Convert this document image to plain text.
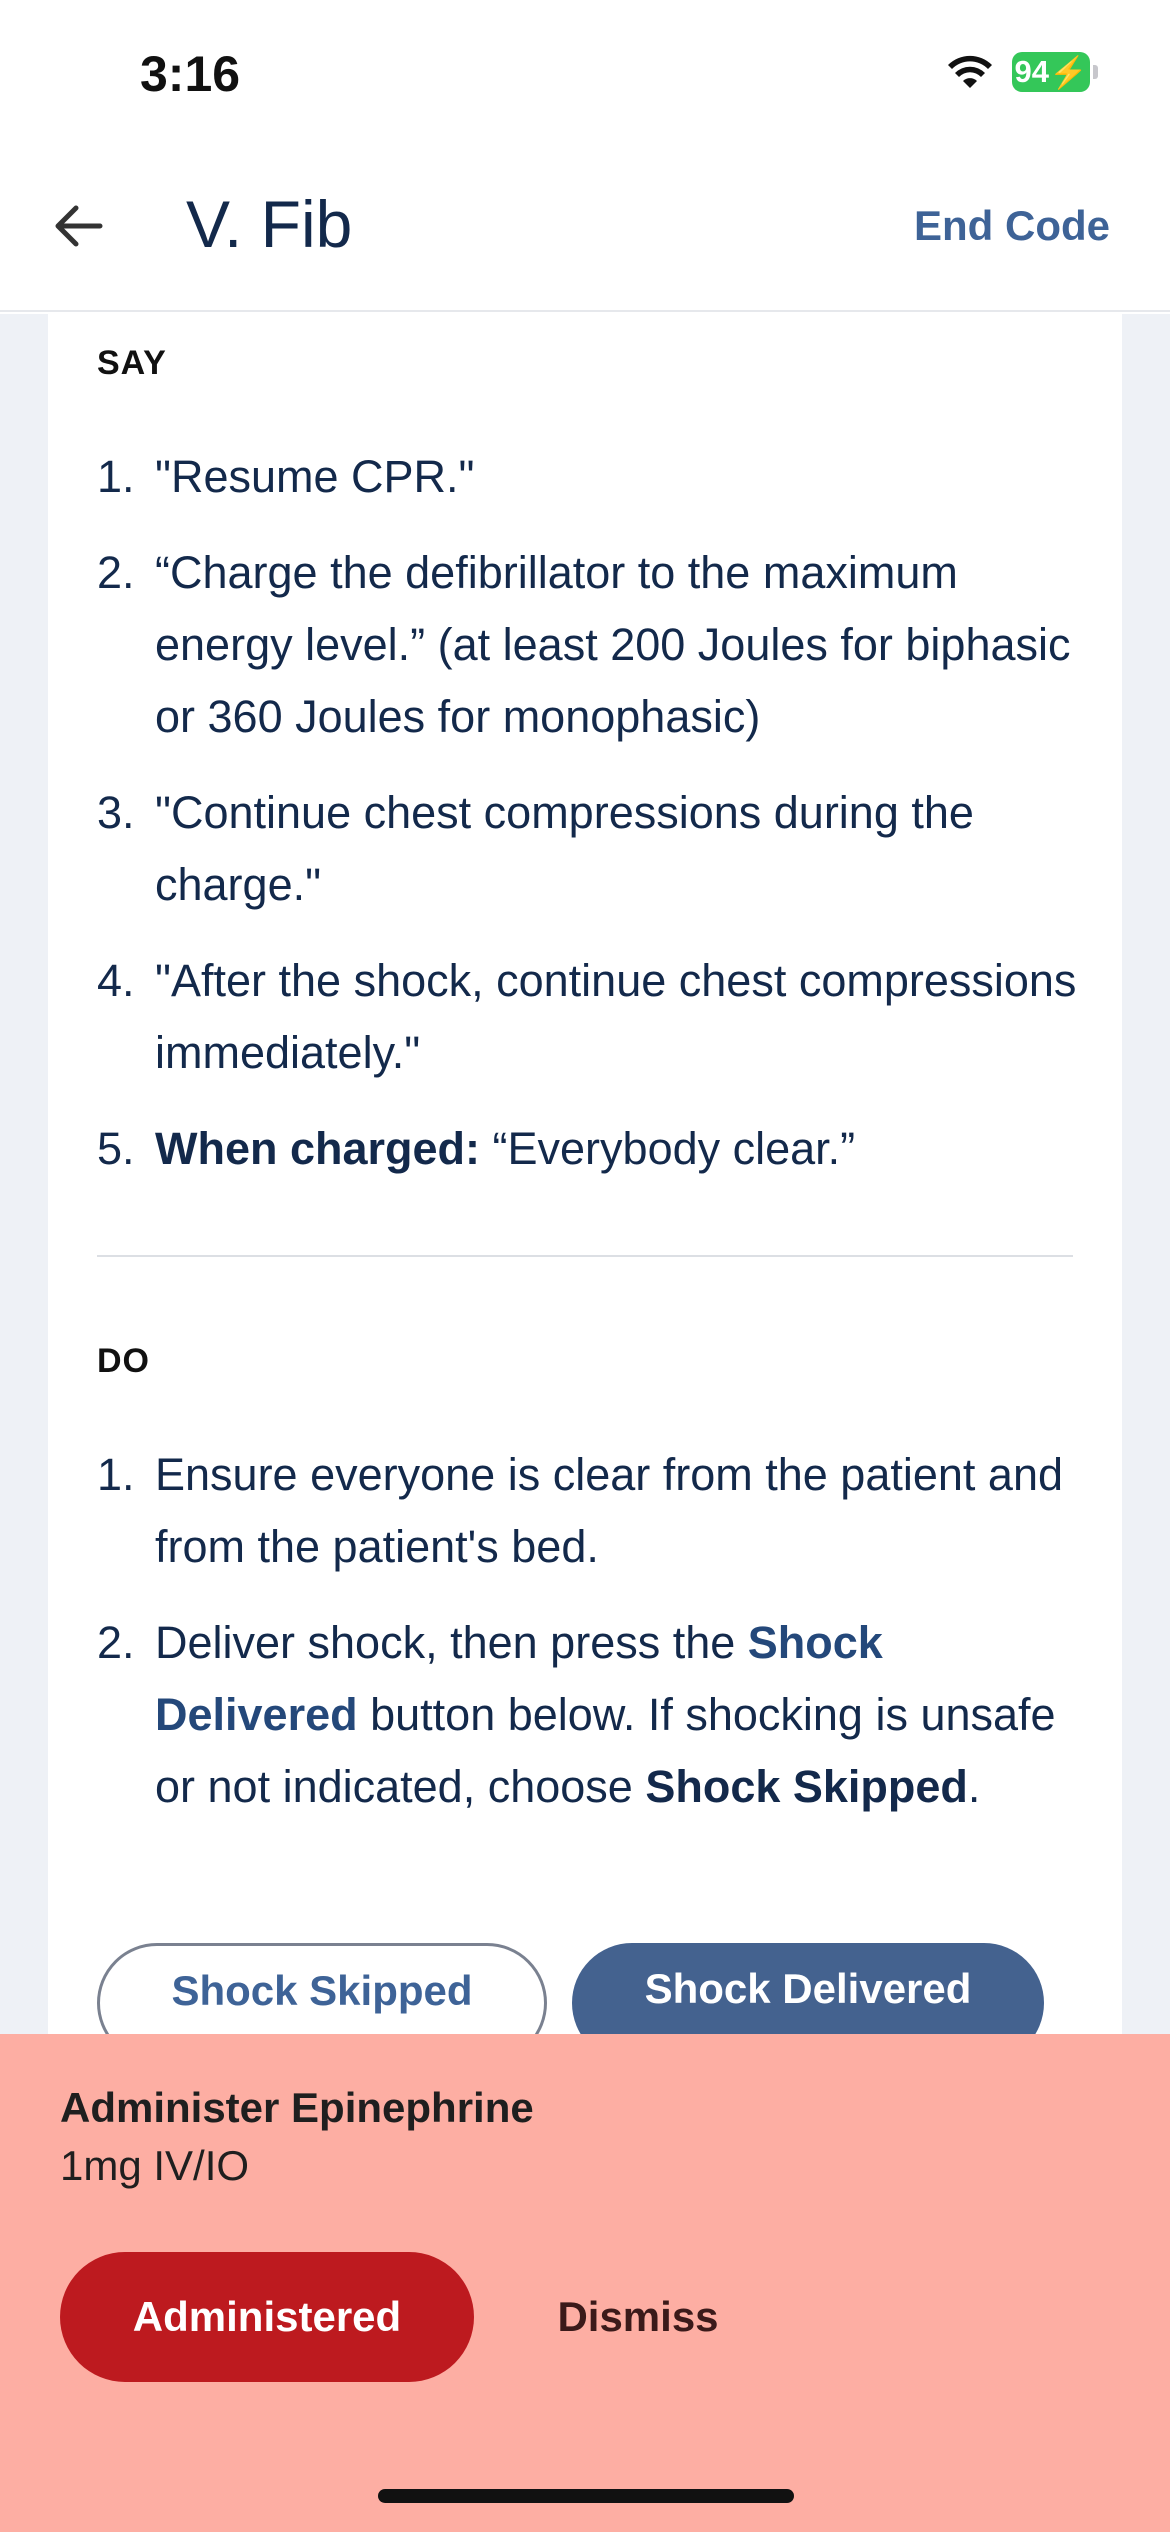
3:16	94 ⚡
V. Fib	End Code
SAY
1. "Resume CPR."
2. “Charge the defibrillator to the maximum energy level.” (at least 200 Joules for biphasic or 360 Joules for monophasic)
3. "Continue chest compressions during the charge."
4. "After the shock, continue chest compressions immediately."
5. When charged: “Everybody clear.”
DO
1. Ensure everyone is clear from the patient and from the patient's bed.
2. Deliver shock, then press the Shock Delivered button below. If shocking is unsafe or not indicated, choose Shock Skipped.
Shock Skipped	Shock Delivered
Administer Epinephrine
1mg IV/IO
Administered	Dismiss
